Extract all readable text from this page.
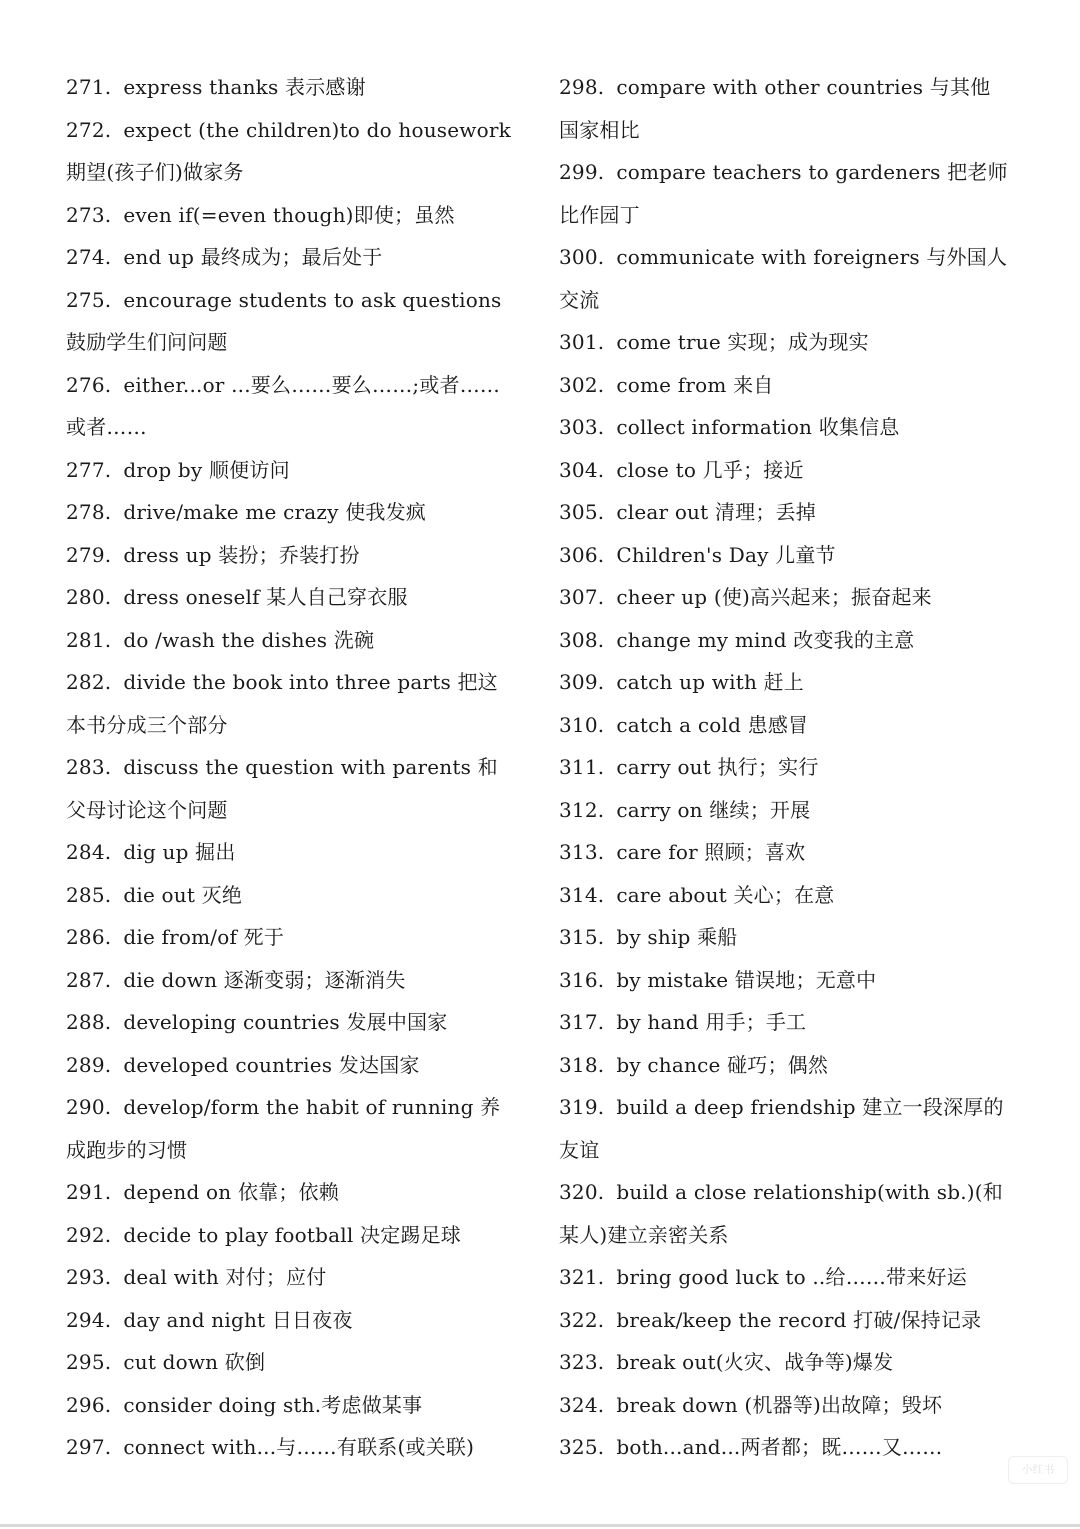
271. express thanks 表示感谢

272. expect (the children)to do housework 期望(孩子们)做家务

273. even if(=even though)即使；虽然

274. end up 最终成为；最后处于

275. encourage students to ask questions 鼓励学生们问问题

276. either...or ...要么……要么……;或者……或者……

277. drop by 顺便访问

278. drive/make me crazy 使我发疯

279. dress up 装扮；乔装打扮

280. dress oneself 某人自己穿衣服

281. do /wash the dishes 洗碗

282. divide the book into three parts 把这本书分成三个部分

283. discuss the question with parents 和父母讨论这个问题

284. dig up 掘出

285. die out 灭绝

286. die from/of 死于

287. die down 逐渐变弱；逐渐消失

288. developing countries 发展中国家

289. developed countries 发达国家

290. develop/form the habit of running 养成跑步的习惯

291. depend on 依靠；依赖

292. decide to play football 决定踢足球

293. deal with 对付；应付

294. day and night 日日夜夜

295. cut down 砍倒

296. consider doing sth.考虑做某事

297. connect with...与……有联系(或关联)

298. compare with other countries 与其他国家相比

299. compare teachers to gardeners 把老师比作园丁

300. communicate with foreigners 与外国人交流

301. come true 实现；成为现实

302. come from 来自

303. collect information 收集信息

304. close to 几乎；接近

305. clear out 清理；丢掉

306. Children's Day 儿童节

307. cheer up (使)高兴起来；振奋起来

308. change my mind 改变我的主意

309. catch up with 赶上

310. catch a cold 患感冒

311. carry out 执行；实行

312. carry on 继续；开展

313. care for 照顾；喜欢

314. care about 关心；在意

315. by ship 乘船

316. by mistake 错误地；无意中

317. by hand 用手；手工

318. by chance 碰巧；偶然

319. build a deep friendship 建立一段深厚的友谊

320. build a close relationship(with sb.)(和某人)建立亲密关系

321. bring good luck to ..给……带来好运

322. break/keep the record 打破/保持记录

323. break out(火灾、战争等)爆发

324. break down (机器等)出故障；毁坏

325. both...and...两者都；既……又……

小红书
